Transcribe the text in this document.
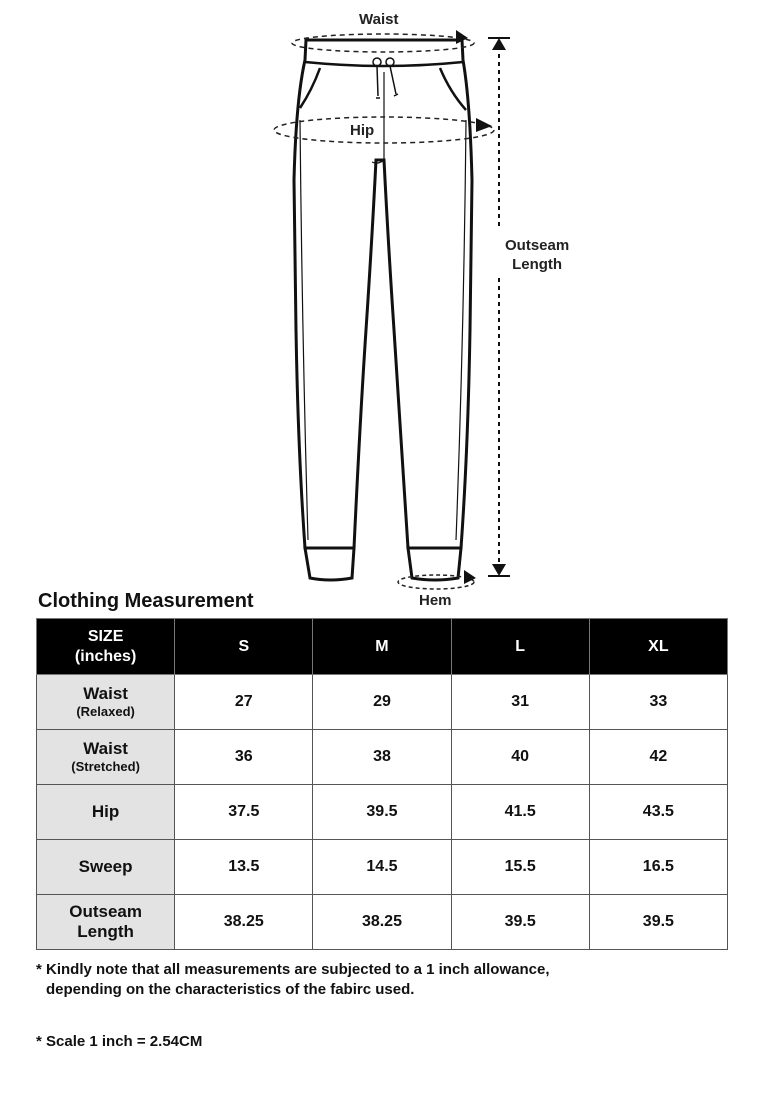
Waist
Hip
Outseam
Length
Hem
Clothing Measurement
SIZE
(inches)	S	M	L	XL
Waist
(Relaxed)	27	29	31	33
Waist
(Stretched)	36	38	40	42
Hip	37.5	39.5	41.5	43.5
Sweep	13.5	14.5	15.5	16.5
Outseam
Length	38.25	38.25	39.5	39.5
* Kindly note that all measurements are subjected to a 1 inch allowance,
depending on the characteristics of the fabirc used.
* Scale 1 inch = 2.54CM
